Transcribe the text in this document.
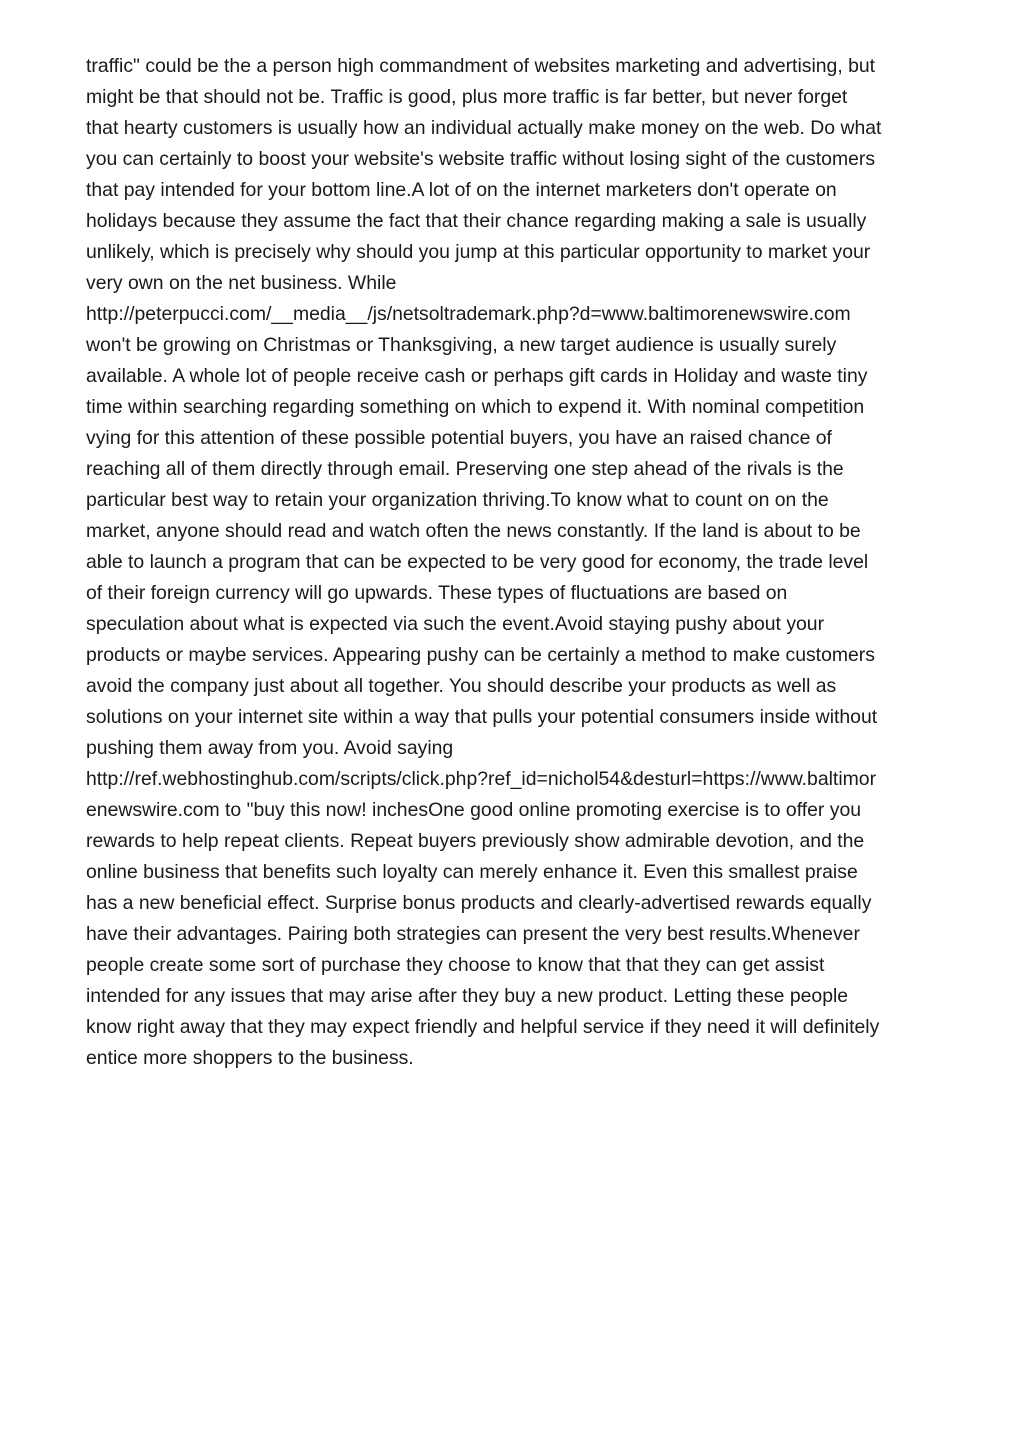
traffic" could be the a person high commandment of websites marketing and advertising, but
might be that should not be. Traffic is good, plus more traffic is far better, but never forget
that hearty customers is usually how an individual actually make money on the web. Do what
you can certainly to boost your website's website traffic without losing sight of the customers
that pay intended for your bottom line.A lot of on the internet marketers don't operate on
holidays because they assume the fact that their chance regarding making a sale is usually
unlikely, which is precisely why should you jump at this particular opportunity to market your
very own on the net business. While
http://peterpucci.com/__media__/js/netsoltrademark.php?d=www.baltimorenewswire.com
won't be growing on Christmas or Thanksgiving, a new target audience is usually surely
available. A whole lot of people receive cash or perhaps gift cards in Holiday and waste tiny
time within searching regarding something on which to expend it. With nominal competition
vying for this attention of these possible potential buyers, you have an raised chance of
reaching all of them directly through email. Preserving one step ahead of the rivals is the
particular best way to retain your organization thriving.To know what to count on on the
market, anyone should read and watch often the news constantly. If the land is about to be
able to launch a program that can be expected to be very good for economy, the trade level
of their foreign currency will go upwards. These types of fluctuations are based on
speculation about what is expected via such the event.Avoid staying pushy about your
products or maybe services. Appearing pushy can be certainly a method to make customers
avoid the company just about all together. You should describe your products as well as
solutions on your internet site within a way that pulls your potential consumers inside without
pushing them away from you. Avoid saying
http://ref.webhostinghub.com/scripts/click.php?ref_id=nichol54&desturl=https://www.baltimor
enewswire.com to "buy this now! inchesOne good online promoting exercise is to offer you
rewards to help repeat clients. Repeat buyers previously show admirable devotion, and the
online business that benefits such loyalty can merely enhance it. Even this smallest praise
has a new beneficial effect. Surprise bonus products and clearly-advertised rewards equally
have their advantages. Pairing both strategies can present the very best results.Whenever
people create some sort of purchase they choose to know that that they can get assist
intended for any issues that may arise after they buy a new product. Letting these people
know right away that they may expect friendly and helpful service if they need it will definitely
entice more shoppers to the business.
